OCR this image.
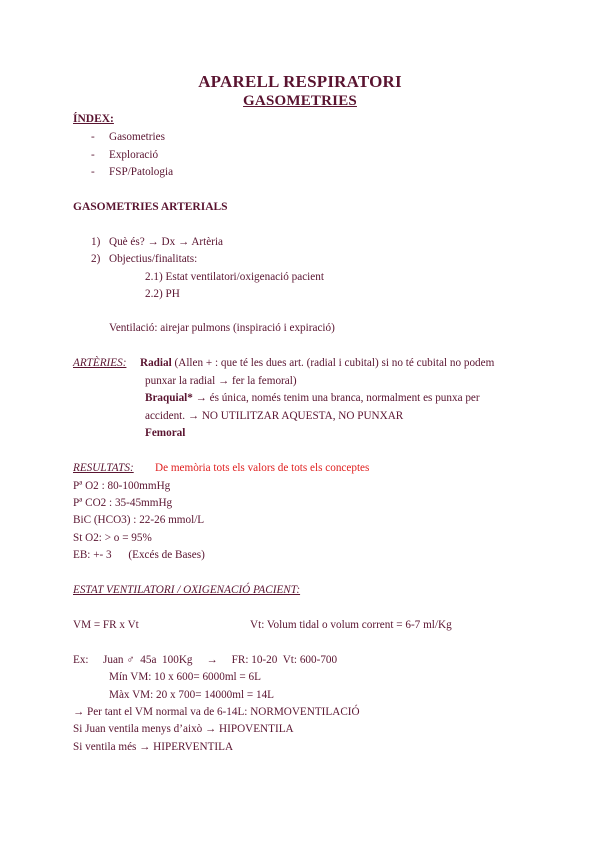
APARELL RESPIRATORI
GASOMETRIES
ÍNDEX:
- Gasometries
- Exploració
- FSP/Patologia
GASOMETRIES ARTERIALS
1) Què és? → Dx → Artèria
2) Objectius/finalitats:
2.1) Estat ventilatori/oxigenació pacient
2.2) PH
Ventilació: airejar pulmons (inspiració i expiració)
ARTÈRIES: Radial (Allen + : que té les dues art. (radial i cubital) si no té cubital no podem
punxar la radial → fer la femoral)
Braquial* → és única, només tenim una branca, normalment es punxa per
accident. → NO UTILITZAR AQUESTA, NO PUNXAR
Femoral
RESULTATS: De memòria tots els valors de tots els conceptes
Pª O2 : 80-100mmHg
Pª CO2 : 35-45mmHg
BiC (HCO3) : 22-26 mmol/L
St O2: > o = 95%
EB: +- 3      (Excés de Bases)
ESTAT VENTILATORI / OXIGENACIÓ PACIENT:
VM = FR x Vt	Vt: Volum tidal o volum corrent = 6-7 ml/Kg
Ex: Juan ♂  45a  100Kg     →     FR: 10-20  Vt: 600-700
Mín VM: 10 x 600= 6000ml = 6L
Màx VM: 20 x 700= 14000ml = 14L
→ Per tant el VM normal va de 6-14L: NORMOVENTILACIÓ
Si Juan ventila menys d’això → HIPOVENTILA
Si ventila més → HIPERVENTILA
